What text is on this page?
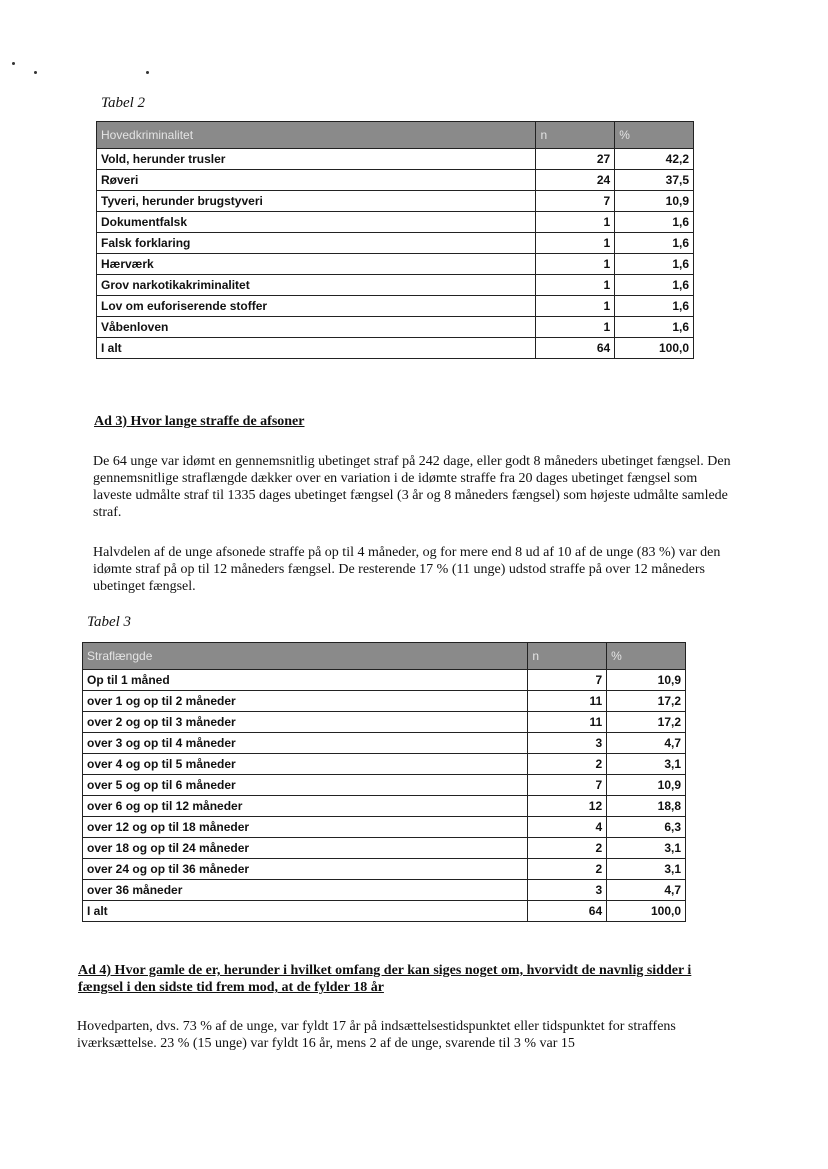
Tabel 2

Hovedkriminalitet	n	%
Vold, herunder trusler	27	42,2
Røveri	24	37,5
Tyveri, herunder brugstyveri	7	10,9
Dokumentfalsk	1	1,6
Falsk forklaring	1	1,6
Hærværk	1	1,6
Grov narkotikakriminalitet	1	1,6
Lov om euforiserende stoffer	1	1,6
Våbenloven	1	1,6
I alt	64	100,0

Ad 3) Hvor lange straffe de afsoner

De 64 unge var idømt en gennemsnitlig ubetinget straf på 242 dage, eller godt 8 måneders ubetinget fængsel. Den gennemsnitlige straflængde dækker over en variation i de idømte straffe fra 20 dages ubetinget fængsel som laveste udmålte straf til 1335 dages ubetinget fængsel (3 år og 8 måneders fængsel) som højeste udmålte samlede straf.

Halvdelen af de unge afsonede straffe på op til 4 måneder, og for mere end 8 ud af 10 af de unge (83 %) var den idømte straf på op til 12 måneders fængsel. De resterende 17 % (11 unge) udstod straffe på over 12 måneders ubetinget fængsel.

Tabel 3

Straflængde	n	%
Op til 1 måned	7	10,9
over 1 og op til 2 måneder	11	17,2
over 2 og op til 3 måneder	11	17,2
over 3 og op til 4 måneder	3	4,7
over 4 og op til 5 måneder	2	3,1
over 5 og op til 6 måneder	7	10,9
over 6 og op til 12 måneder	12	18,8
over 12 og op til 18 måneder	4	6,3
over 18 og op til 24 måneder	2	3,1
over 24 og op til 36 måneder	2	3,1
over 36 måneder	3	4,7
I alt	64	100,0

Ad 4) Hvor gamle de er, herunder i hvilket omfang der kan siges noget om, hvorvidt de navnlig sidder i fængsel i den sidste tid frem mod, at de fylder 18 år

Hovedparten, dvs. 73 % af de unge, var fyldt 17 år på indsættelsestidspunktet eller tidspunktet for straffens iværksættelse. 23 % (15 unge) var fyldt 16 år, mens 2 af de unge, svarende til 3 % var 15
